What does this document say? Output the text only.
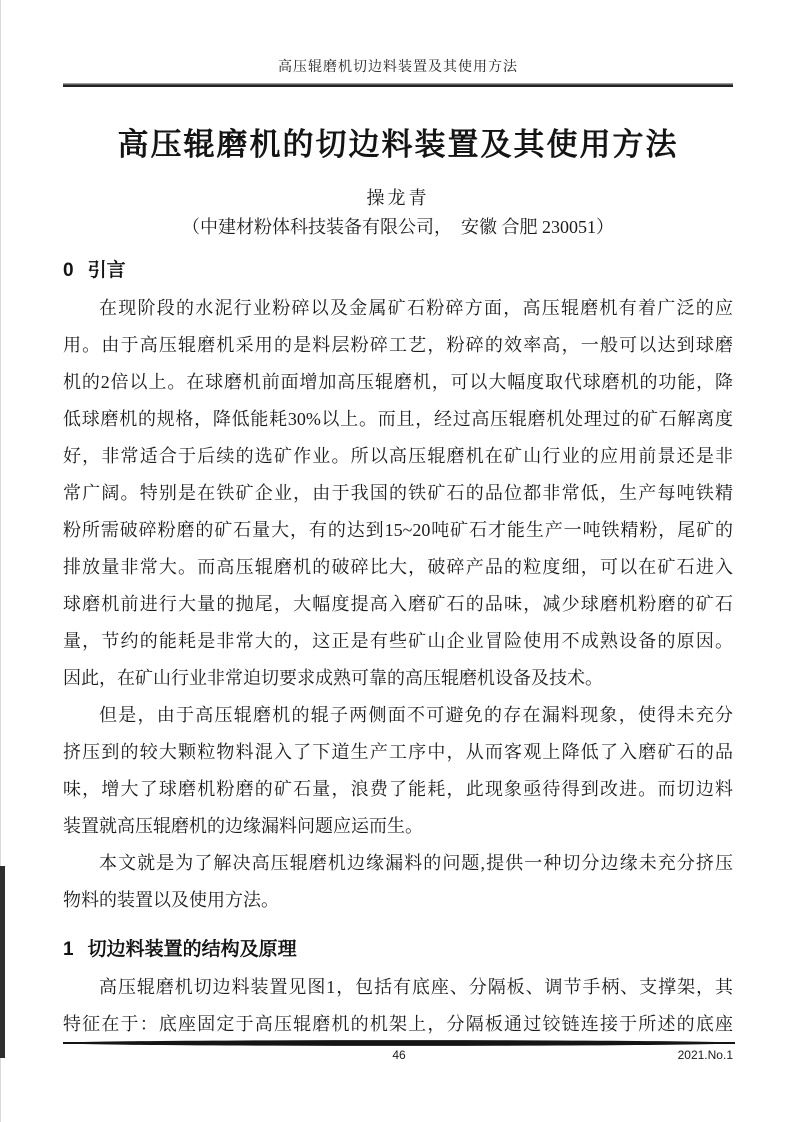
高压辊磨机切边料装置及其使用方法
高压辊磨机的切边料装置及其使用方法
操龙青
（中建材粉体科技装备有限公司，  安徽 合肥 230051）
0 引言
在现阶段的水泥行业粉碎以及金属矿石粉碎方面，高压辊磨机有着广泛的应
用。由于高压辊磨机采用的是料层粉碎工艺，粉碎的效率高，一般可以达到球磨
机的2倍以上。在球磨机前面增加高压辊磨机，可以大幅度取代球磨机的功能，降
低球磨机的规格，降低能耗30%以上。而且，经过高压辊磨机处理过的矿石解离度
好，非常适合于后续的选矿作业。所以高压辊磨机在矿山行业的应用前景还是非
常广阔。特别是在铁矿企业，由于我国的铁矿石的品位都非常低，生产每吨铁精
粉所需破碎粉磨的矿石量大，有的达到15~20吨矿石才能生产一吨铁精粉，尾矿的
排放量非常大。而高压辊磨机的破碎比大，破碎产品的粒度细，可以在矿石进入
球磨机前进行大量的抛尾，大幅度提高入磨矿石的品味，减少球磨机粉磨的矿石
量，节约的能耗是非常大的，这正是有些矿山企业冒险使用不成熟设备的原因。
因此，在矿山行业非常迫切要求成熟可靠的高压辊磨机设备及技术。
但是，由于高压辊磨机的辊子两侧面不可避免的存在漏料现象，使得未充分
挤压到的较大颗粒物料混入了下道生产工序中，从而客观上降低了入磨矿石的品
味，增大了球磨机粉磨的矿石量，浪费了能耗，此现象亟待得到改进。而切边料
装置就高压辊磨机的边缘漏料问题应运而生。
本文就是为了解决高压辊磨机边缘漏料的问题,提供一种切分边缘未充分挤压
物料的装置以及使用方法。
1 切边料装置的结构及原理
高压辊磨机切边料装置见图1，包括有底座、分隔板、调节手柄、支撑架，其
特征在于：底座固定于高压辊磨机的机架上，分隔板通过铰链连接于所述的底座
46	2021.No.1
